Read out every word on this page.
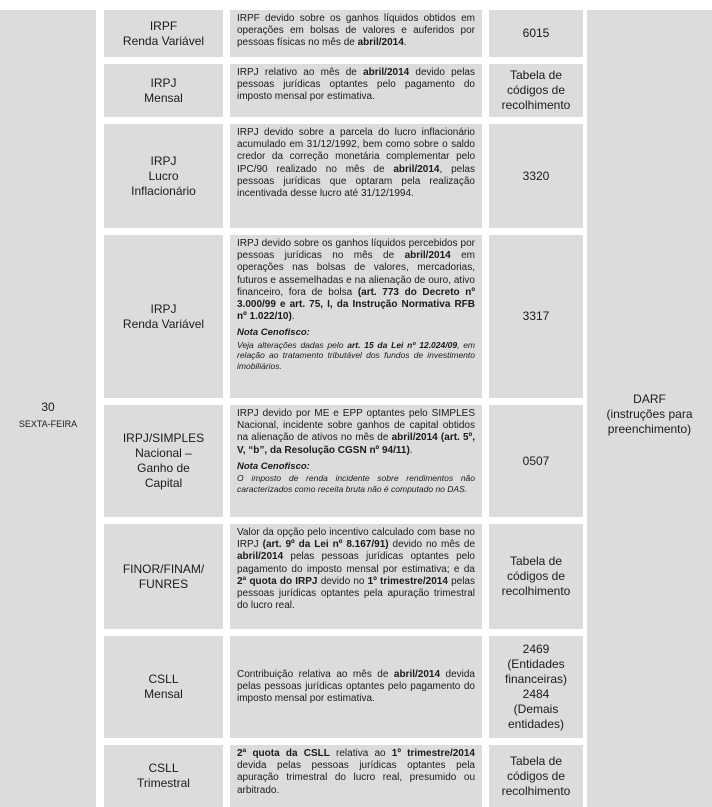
30
SEXTA-FEIRA
DARF
(instruções para preenchimento)
IRPF
Renda Variável
IRPF devido sobre os ganhos líquidos obtidos em operações em bolsas de valores e auferidos por pessoas físicas no mês de abril/2014.
6015
IRPJ
Mensal
IRPJ relativo ao mês de abril/2014 devido pelas pessoas jurídicas optantes pelo pagamento do imposto mensal por estimativa.
Tabela de códigos de recolhimento
IRPJ
Lucro
Inflacionário
IRPJ devido sobre a parcela do lucro inflacionário acumulado em 31/12/1992, bem como sobre o saldo credor da correção monetária complementar pelo IPC/90 realizado no mês de abril/2014, pelas pessoas jurídicas que optaram pela realização incentivada desse lucro até 31/12/1994.
3320
IRPJ
Renda Variável
IRPJ devido sobre os ganhos líquidos percebidos por pessoas jurídicas no mês de abril/2014 em operações nas bolsas de valores, mercadorias, futuros e assemelhadas e na alienação de ouro, ativo financeiro, fora de bolsa (art. 773 do Decreto nº 3.000/99 e art. 75, I, da Instrução Normativa RFB nº 1.022/10).
Nota Cenofisco:
Veja alterações dadas pelo art. 15 da Lei nº 12.024/09, em relação ao tratamento tributável dos fundos de investimento imobiliários.
3317
IRPJ/SIMPLES
Nacional –
Ganho de
Capital
IRPJ devido por ME e EPP optantes pelo SIMPLES Nacional, incidente sobre ganhos de capital obtidos na alienação de ativos no mês de abril/2014 (art. 5º, V, “b”, da Resolução CGSN nº 94/11).
Nota Cenofisco:
O imposto de renda incidente sobre rendimentos não caracterizados como receita bruta não é computado no DAS.
0507
FINOR/FINAM/
FUNRES
Valor da opção pelo incentivo calculado com base no IRPJ (art. 9º da Lei nº 8.167/91) devido no mês de abril/2014 pelas pessoas jurídicas optantes pelo pagamento do imposto mensal por estimativa; e da 2ª quota do IRPJ devido no 1º trimestre/2014 pelas pessoas jurídicas optantes pela apuração trimestral do lucro real.
Tabela de códigos de recolhimento
CSLL
Mensal
Contribuição relativa ao mês de abril/2014 devida pelas pessoas jurídicas optantes pelo pagamento do imposto mensal por estimativa.
2469
(Entidades financeiras)
2484
(Demais entidades)
CSLL
Trimestral
2ª quota da CSLL relativa ao 1º trimestre/2014 devida pelas pessoas jurídicas optantes pela apuração trimestral do lucro real, presumido ou arbitrado.
Tabela de códigos de recolhimento
